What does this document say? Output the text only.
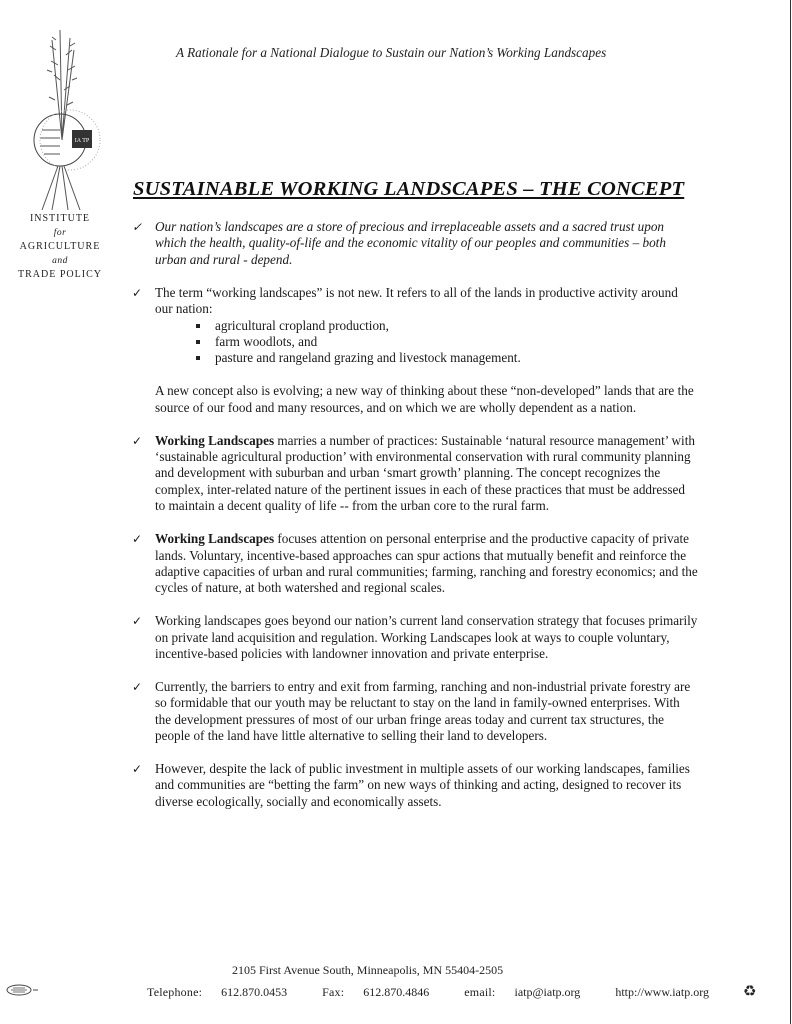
IA TP
INSTITUTE
for
AGRICULTURE
and
TRADE POLICY
A Rationale for a National Dialogue to Sustain our Nation’s Working Landscapes
SUSTAINABLE WORKING LANDSCAPES – THE CONCEPT
✓ Our nation’s landscapes are a store of precious and irreplaceable assets and a sacred trust upon which the health, quality-of-life and the economic vitality of our peoples and communities – both urban and rural - depend.
✓ The term “working landscapes” is not new. It refers to all of the lands in productive activity around our nation:
agricultural cropland production,
farm woodlots, and
pasture and rangeland grazing and livestock management.
A new concept also is evolving; a new way of thinking about these “non-developed” lands that are the source of our food and many resources, and on which we are wholly dependent as a nation.
✓ Working Landscapes marries a number of practices: Sustainable ‘natural resource management’ with ‘sustainable agricultural production’ with environmental conservation with rural community planning and development with suburban and urban ‘smart growth’ planning. The concept recognizes the complex, inter-related nature of the pertinent issues in each of these practices that must be addressed to maintain a decent quality of life -- from the urban core to the rural farm.
✓ Working Landscapes focuses attention on personal enterprise and the productive capacity of private lands. Voluntary, incentive-based approaches can spur actions that mutually benefit and reinforce the adaptive capacities of urban and rural communities; farming, ranching and forestry economics; and the cycles of nature, at both watershed and regional scales.
✓ Working landscapes goes beyond our nation’s current land conservation strategy that focuses primarily on private land acquisition and regulation. Working Landscapes look at ways to couple voluntary, incentive-based policies with landowner innovation and private enterprise.
✓ Currently, the barriers to entry and exit from farming, ranching and non-industrial private forestry are so formidable that our youth may be reluctant to stay on the land in family-owned enterprises. With the development pressures of most of our urban fringe areas today and current tax structures, the people of the land have little alternative to selling their land to developers.
✓ However, despite the lack of public investment in multiple assets of our working landscapes, families and communities are “betting the farm” on new ways of thinking and acting, designed to recover its diverse ecologically, socially and economically assets.
2105 First Avenue South, Minneapolis, MN 55404-2505
Telephone: 612.870.0453	Fax: 612.870.4846	email: iatp@iatp.org	http://www.iatp.org	♻
